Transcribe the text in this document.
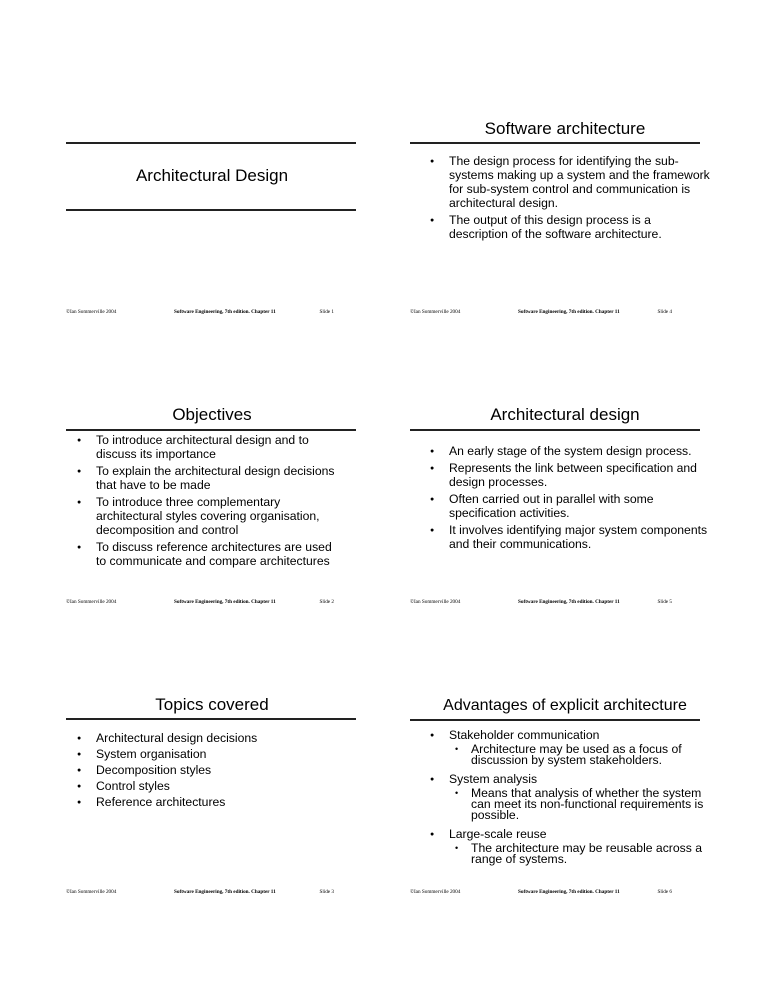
Architectural Design
©Ian Sommerville 2004	Software Engineering, 7th edition. Chapter 11	Slide 1
Software architecture
● The design process for identifying the sub-systems making up a system and the framework for sub-system control and communication is architectural design.
● The output of this design process is a description of the software architecture.
©Ian Sommerville 2004	Software Engineering, 7th edition. Chapter 11	Slide 4
Objectives
● To introduce architectural design and to discuss its importance
● To explain the architectural design decisions that have to be made
● To introduce three complementary architectural styles covering organisation, decomposition and control
● To discuss reference architectures are used to communicate and compare architectures
©Ian Sommerville 2004	Software Engineering, 7th edition. Chapter 11	Slide 2
Architectural design
● An early stage of the system design process.
● Represents the link between specification and design processes.
● Often carried out in parallel with some specification activities.
● It involves identifying major system components and their communications.
©Ian Sommerville 2004	Software Engineering, 7th edition. Chapter 11	Slide 5
Topics covered
● Architectural design decisions
● System organisation
● Decomposition styles
● Control styles
● Reference architectures
©Ian Sommerville 2004	Software Engineering, 7th edition. Chapter 11	Slide 3
Advantages of explicit architecture
● Stakeholder communication
• Architecture may be used as a focus of discussion by system stakeholders.
● System analysis
• Means that analysis of whether the system can meet its non-functional requirements is possible.
● Large-scale reuse
• The architecture may be reusable across a range of systems.
©Ian Sommerville 2004	Software Engineering, 7th edition. Chapter 11	Slide 6
